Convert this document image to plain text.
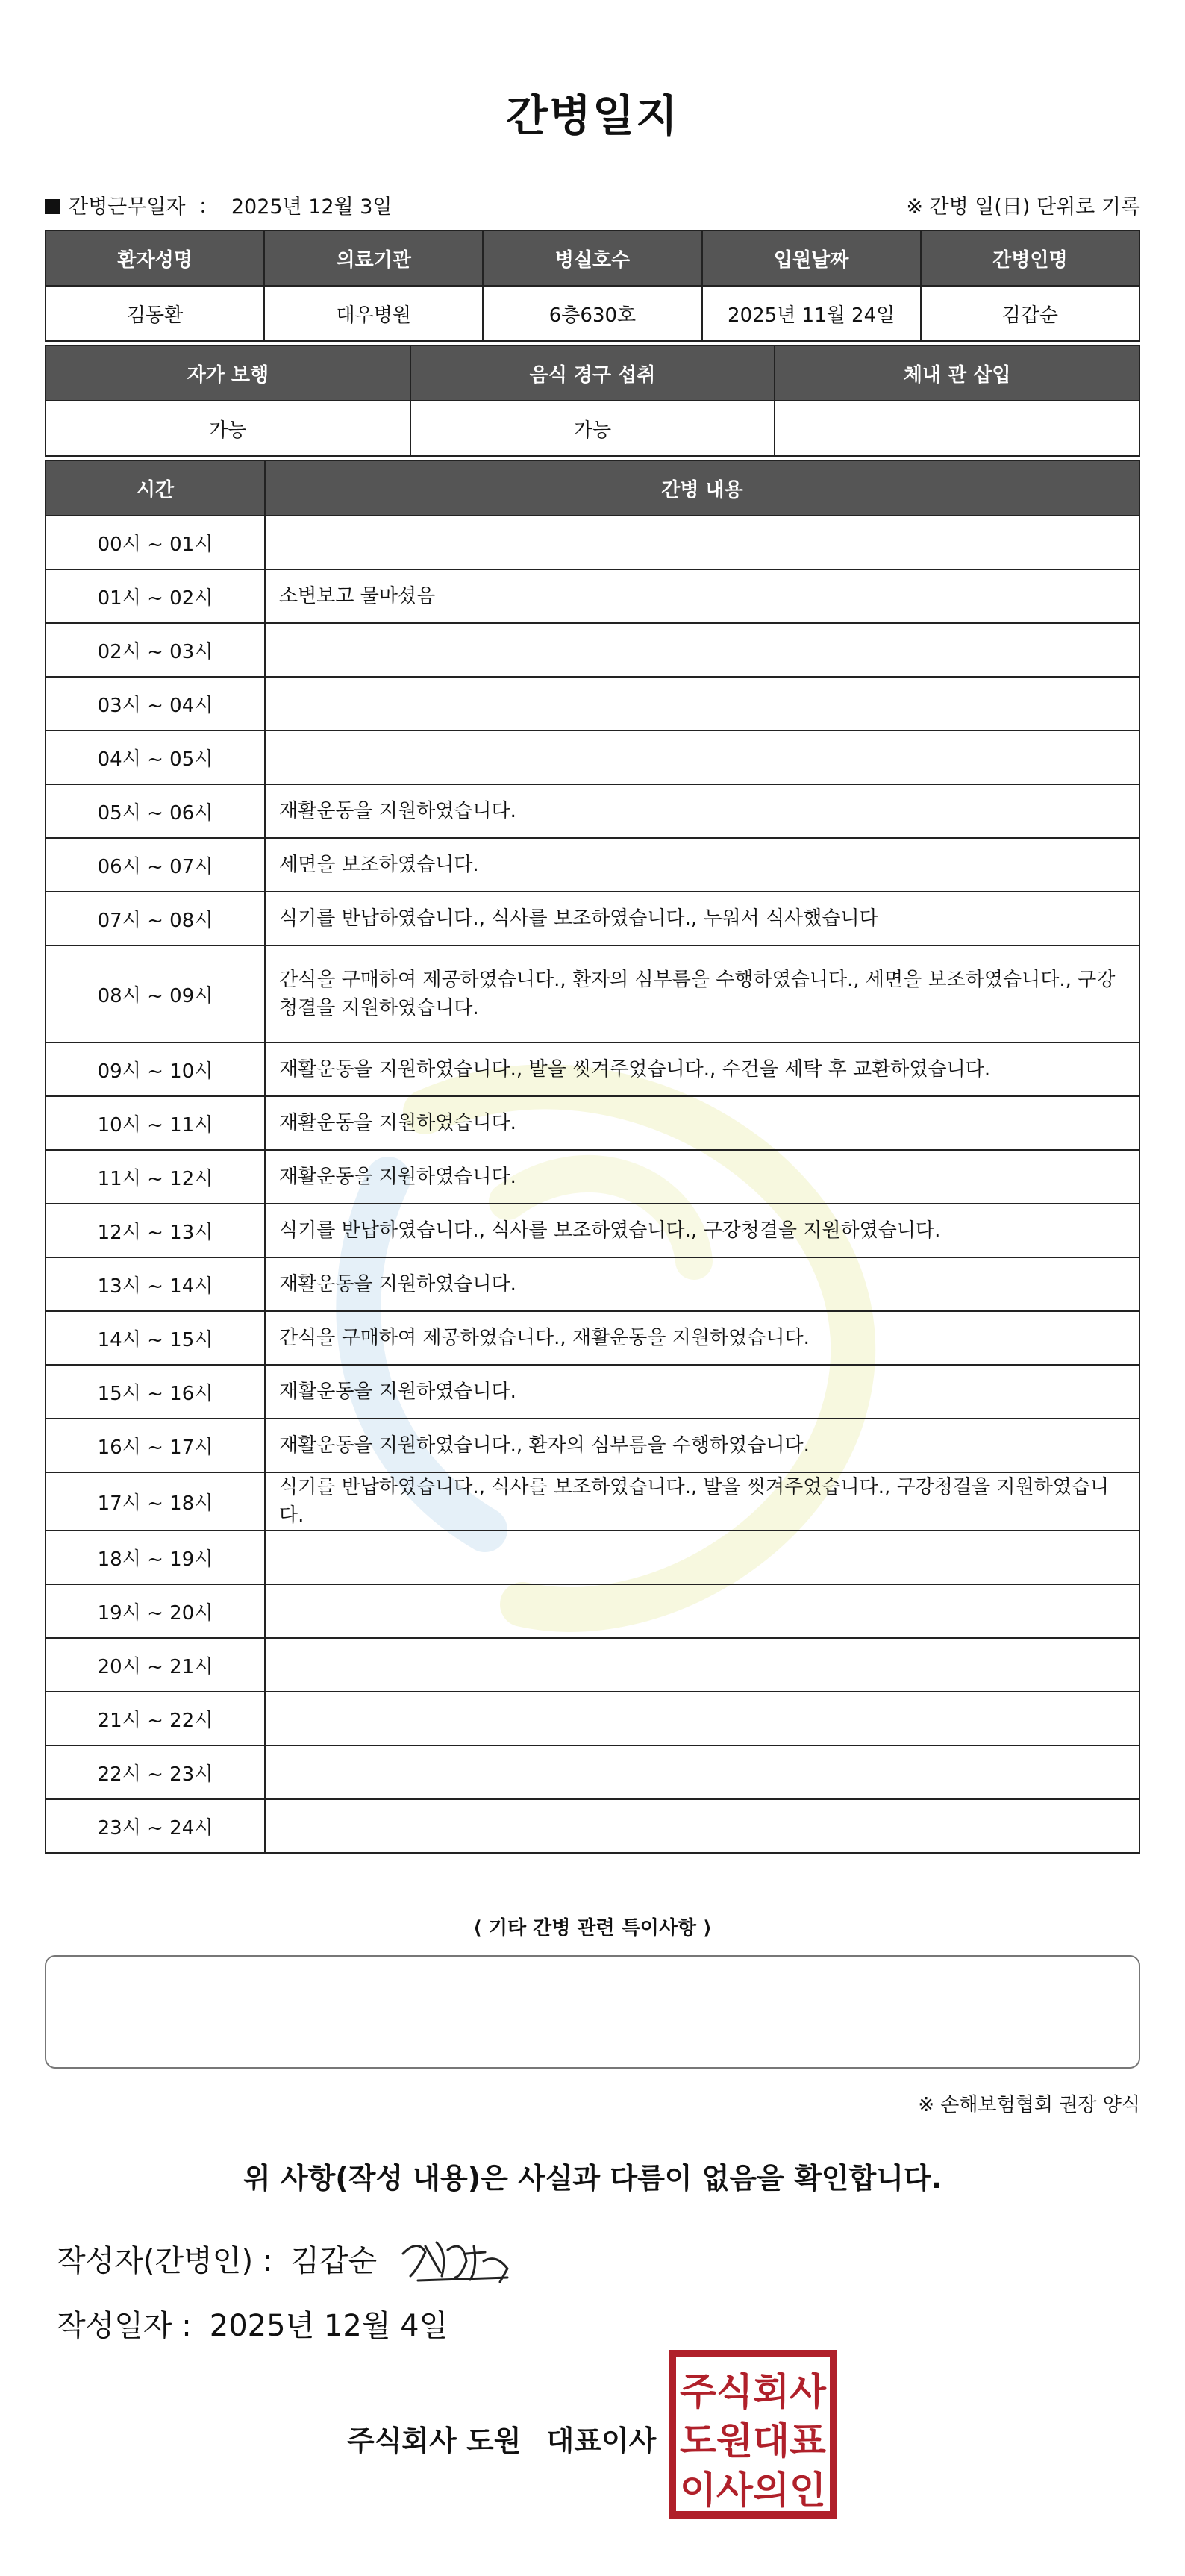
간병일지
간병근무일자 ： 2025년 12월 3일	※ 간병 일(日) 단위로 기록
환자성명	의료기관	병실호수	입원날짜	간병인명
김동환	대우병원	6층630호	2025년 11월 24일	김갑순
자가 보행	음식 경구 섭취	체내 관 삽입
가능	가능	
시간	간병 내용
00시 ~ 01시	
01시 ~ 02시	소변보고 물마셨음
02시 ~ 03시	
03시 ~ 04시	
04시 ~ 05시	
05시 ~ 06시	재활운동을 지원하였습니다.
06시 ~ 07시	세면을 보조하였습니다.
07시 ~ 08시	식기를 반납하였습니다., 식사를 보조하였습니다., 누워서 식사했습니다
08시 ~ 09시	간식을 구매하여 제공하였습니다., 환자의 심부름을 수행하였습니다., 세면을 보조하였습니다., 구강청결을 지원하였습니다.
09시 ~ 10시	재활운동을 지원하였습니다., 발을 씻겨주었습니다., 수건을 세탁 후 교환하였습니다.
10시 ~ 11시	재활운동을 지원하였습니다.
11시 ~ 12시	재활운동을 지원하였습니다.
12시 ~ 13시	식기를 반납하였습니다., 식사를 보조하였습니다., 구강청결을 지원하였습니다.
13시 ~ 14시	재활운동을 지원하였습니다.
14시 ~ 15시	간식을 구매하여 제공하였습니다., 재활운동을 지원하였습니다.
15시 ~ 16시	재활운동을 지원하였습니다.
16시 ~ 17시	재활운동을 지원하였습니다., 환자의 심부름을 수행하였습니다.
17시 ~ 18시	식기를 반납하였습니다., 식사를 보조하였습니다., 발을 씻겨주었습니다., 구강청결을 지원하였습니다.
18시 ~ 19시	
19시 ~ 20시	
20시 ~ 21시	
21시 ~ 22시	
22시 ~ 23시	
23시 ~ 24시	
⟨ 기타 간병 관련 특이사항 ⟩
※ 손해보험협회 권장 양식
위 사항(작성 내용)은 사실과 다름이 없음을 확인합니다.
작성자(간병인) : 김갑순
작성일자 : 2025년 12월 4일
주식회사 도원 대표이사
주식회사
도원대표
이사의인
